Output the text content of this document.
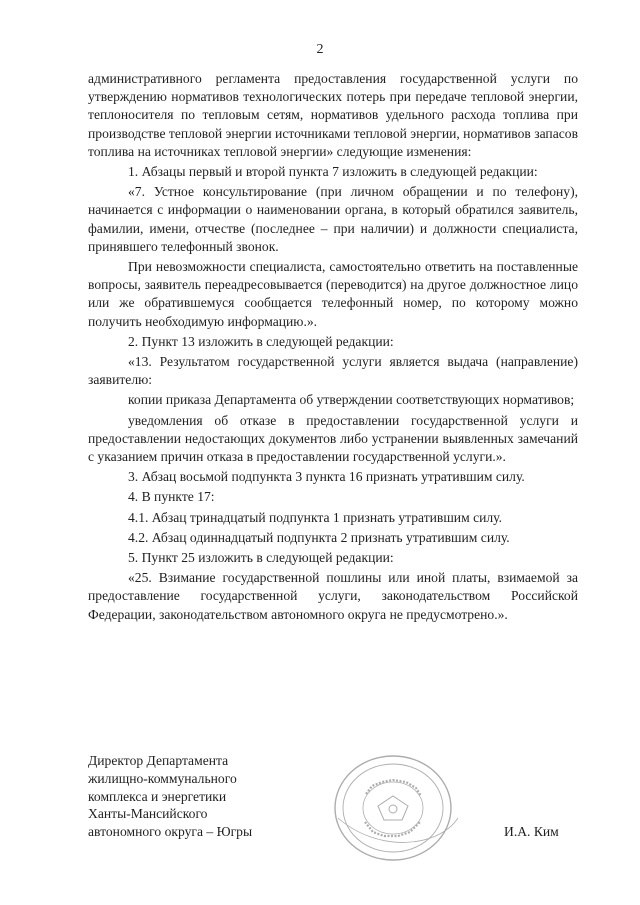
2

административного регламента предоставления государственной услуги по утверждению нормативов технологических потерь при передаче тепловой энергии, теплоносителя по тепловым сетям, нормативов удельного расхода топлива при производстве тепловой энергии источниками тепловой энергии, нормативов запасов топлива на источниках тепловой энергии» следующие изменения:

1. Абзацы первый и второй пункта 7 изложить в следующей редакции:

«7. Устное консультирование (при личном обращении и по телефону), начинается с информации о наименовании органа, в который обратился заявитель, фамилии, имени, отчестве (последнее – при наличии) и должности специалиста, принявшего телефонный звонок.

При невозможности специалиста, самостоятельно ответить на поставленные вопросы, заявитель переадресовывается (переводится) на другое должностное лицо или же обратившемуся сообщается телефонный номер, по которому можно получить необходимую информацию.».

2. Пункт 13 изложить в следующей редакции:

«13. Результатом государственной услуги является выдача (направление) заявителю:

копии приказа Департамента об утверждении соответствующих нормативов;

уведомления об отказе в предоставлении государственной услуги и предоставлении недостающих документов либо устранении выявленных замечаний с указанием причин отказа в предоставлении государственной услуги.».

3. Абзац восьмой подпункта 3 пункта 16 признать утратившим силу.

4. В пункте 17:

4.1. Абзац тринадцатый подпункта 1 признать утратившим силу.

4.2. Абзац одиннадцатый подпункта 2 признать утратившим силу.

5. Пункт 25 изложить в следующей редакции:

«25. Взимание государственной пошлины или иной платы, взимаемой за предоставление государственной услуги, законодательством Российской Федерации, законодательством автономного округа не предусмотрено.».

Директор Департамента
жилищно-коммунального
комплекса и энергетики
Ханты-Мансийского
автономного округа – Югры	И.А. Ким
